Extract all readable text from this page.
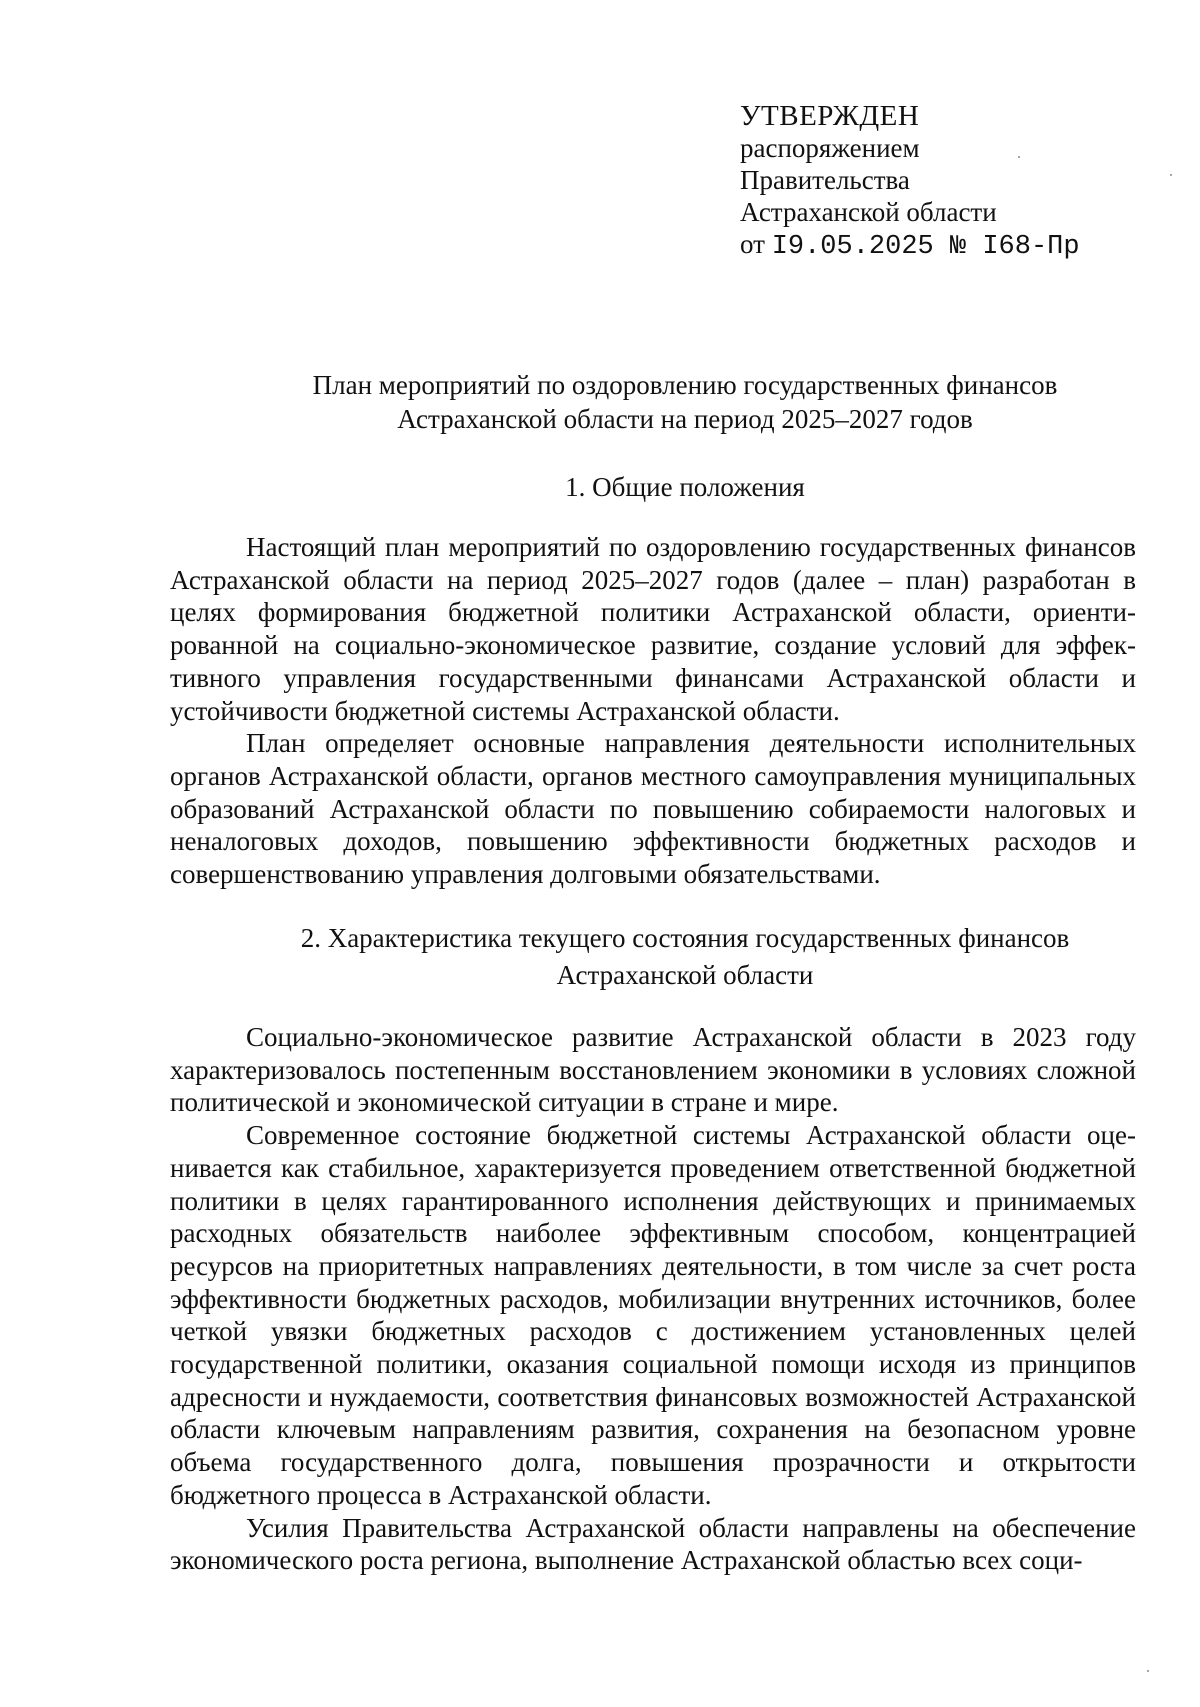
УТВЕРЖДЕН
распоряжением
Правительства
Астраханской области
от I9.05.2025 № I68-Пр
План мероприятий по оздоровлению государственных финансов
Астраханской области на период 2025–2027 годов
1. Общие положения

Настоящий план мероприятий по оздоровлению государственных финансов Астраханской области на период 2025–2027 годов (далее – план) разработан в целях формирования бюджетной политики Астраханской области, ориентированной на социально-экономическое развитие, создание условий для эффективного управления государственными финансами Астраханской области и устойчивости бюджетной системы Астраханской области.

План определяет основные направления деятельности исполнительных органов Астраханской области, органов местного самоуправления муниципальных образований Астраханской области по повышению собираемости налоговых и неналоговых доходов, повышению эффективности бюджетных расходов и совершенствованию управления долговыми обязательствами.

2. Характеристика текущего состояния государственных финансов
Астраханской области

Социально-экономическое развитие Астраханской области в 2023 году характеризовалось постепенным восстановлением экономики в условиях сложной политической и экономической ситуации в стране и мире.

Современное состояние бюджетной системы Астраханской области оценивается как стабильное, характеризуется проведением ответственной бюджетной политики в целях гарантированного исполнения действующих и принимаемых расходных обязательств наиболее эффективным способом, концентрацией ресурсов на приоритетных направлениях деятельности, в том числе за счет роста эффективности бюджетных расходов, мобилизации внутренних источников, более четкой увязки бюджетных расходов с достижением установленных целей государственной политики, оказания социальной помощи исходя из принципов адресности и нуждаемости, соответствия финансовых возможностей Астраханской области ключевым направлениям развития, сохранения на безопасном уровне объема государственного долга, повышения прозрачности и открытости бюджетного процесса в Астраханской области.

Усилия Правительства Астраханской области направлены на обеспечение экономического роста региона, выполнение Астраханской областью всех соци-
